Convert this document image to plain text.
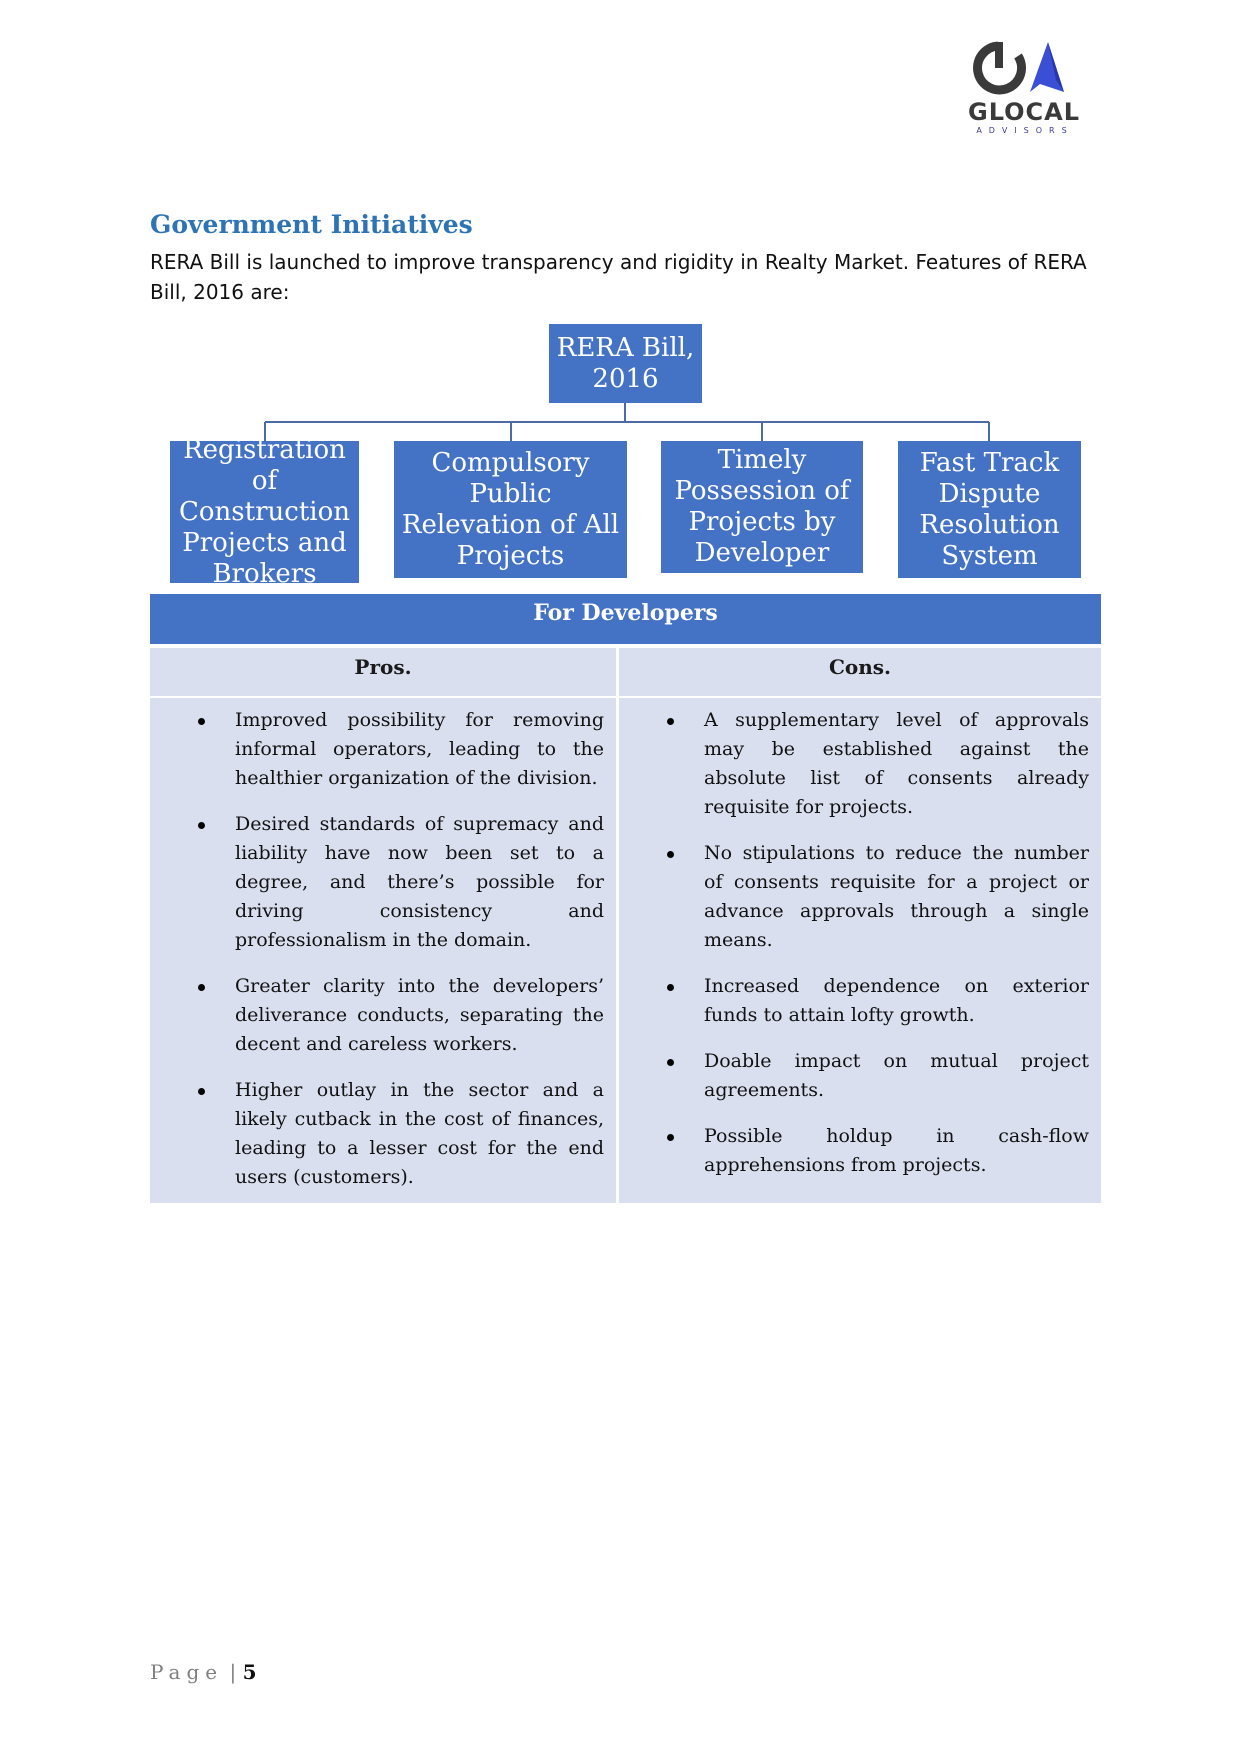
GLOCAL
ADVISORS
Government Initiatives
RERA Bill is launched to improve transparency and rigidity in Realty Market. Features of RERA Bill, 2016 are:
RERA Bill,
2016
Registration of
Construction
Projects and
Brokers
Compulsory Public
Relevation of All
Projects
Timely
Possession of
Projects by
Developer
Fast Track
Dispute
Resolution
System
For Developers
Pros.	Cons.
Improved possibility for removing informal operators, leading to the healthier organization of the division.
Desired standards of supremacy and liability have now been set to a degree, and there’s possible for driving consistency and professionalism in the domain.
Greater clarity into the developers’ deliverance conducts, separating the decent and careless workers.
Higher outlay in the sector and a likely cutback in the cost of finances, leading to a lesser cost for the end users (customers).
A supplementary level of approvals may be established against the absolute list of consents already requisite for projects.
No stipulations to reduce the number of consents requisite for a project or advance approvals through a single means.
Increased dependence on exterior funds to attain lofty growth.
Doable impact on mutual project agreements.
Possible holdup in cash-flow apprehensions from projects.
Page | 5
